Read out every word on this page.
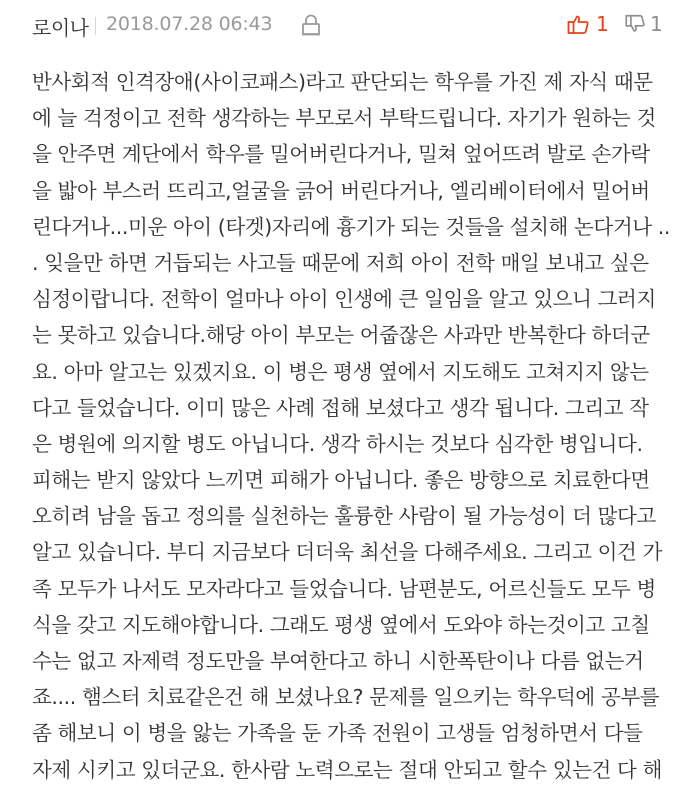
로이나 2018.07.28 06:43	1 1
반사회적 인격장애(사이코패스)라고 판단되는 학우를 가진 제 자식 때문
에 늘 걱정이고 전학 생각하는 부모로서 부탁드립니다. 자기가 원하는 것
을 안주면 계단에서 학우를 밀어버린다거나, 밀쳐 엎어뜨려 발로 손가락
을 밟아 부스러 뜨리고,얼굴을 긁어 버린다거나, 엘리베이터에서 밀어버
린다거나...미운 아이 (타겟)자리에 흉기가 되는 것들을 설치해 논다거나 ..
. 잊을만 하면 거듭되는 사고들 때문에 저희 아이 전학 매일 보내고 싶은
심정이랍니다. 전학이 얼마나 아이 인생에 큰 일임을 알고 있으니 그러지
는 못하고 있습니다.해당 아이 부모는 어줍잖은 사과만 반복한다 하더군
요. 아마 알고는 있겠지요. 이 병은 평생 옆에서 지도해도 고쳐지지 않는
다고 들었습니다. 이미 많은 사례 접해 보셨다고 생각 됩니다. 그리고 작
은 병원에 의지할 병도 아닙니다. 생각 하시는 것보다 심각한 병입니다.
피해는 받지 않았다 느끼면 피해가 아닙니다. 좋은 방향으로 치료한다면
오히려 남을 돕고 정의를 실천하는 훌륭한 사람이 될 가능성이 더 많다고
알고 있습니다. 부디 지금보다 더더욱 최선을 다해주세요. 그리고 이건 가
족 모두가 나서도 모자라다고 들었습니다. 남편분도, 어르신들도 모두 병
식을 갖고 지도해야합니다. 그래도 평생 옆에서 도와야 하는것이고 고칠
수는 없고 자제력 정도만을 부여한다고 하니 시한폭탄이나 다름 없는거
죠.... 햄스터 치료같은건 해 보셨나요? 문제를 일으키는 학우덕에 공부를
좀 해보니 이 병을 앓는 가족을 둔 가족 전원이 고생들 엄청하면서 다들
자제 시키고 있더군요. 한사람 노력으로는 절대 안되고 할수 있는건 다 해
